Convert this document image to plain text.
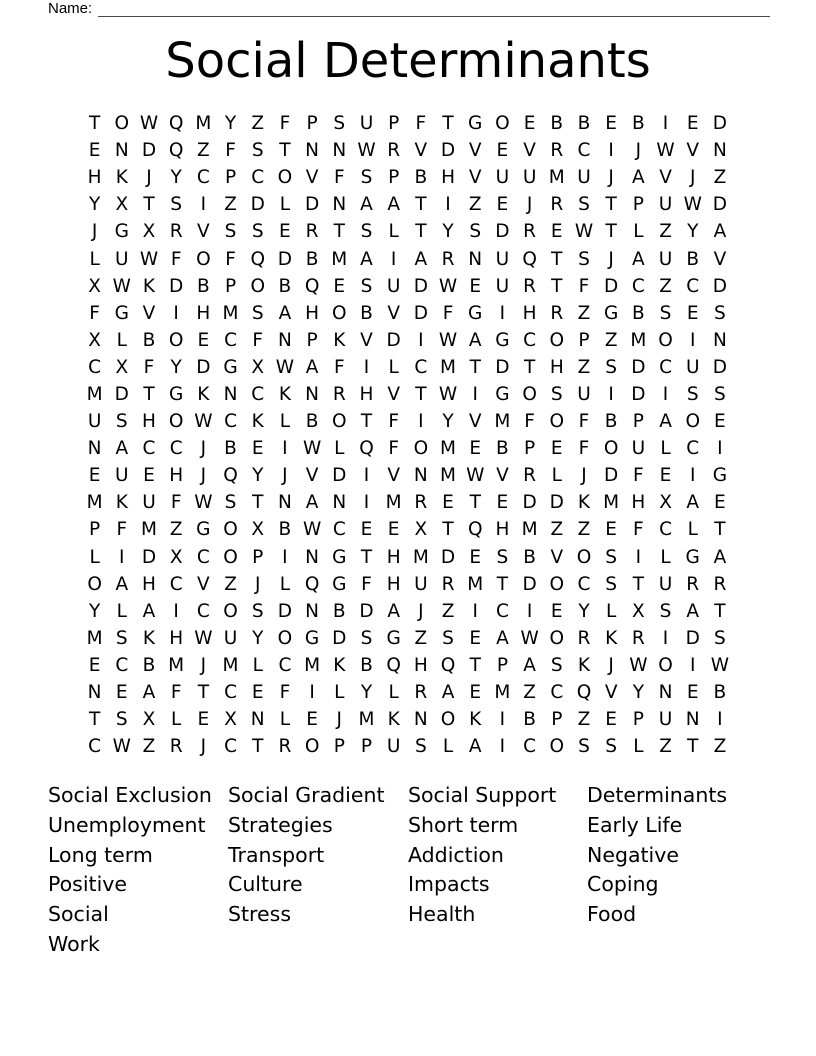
Name:
Social Determinants
T O W Q M Y Z F P S U P F T G O E B B E B I	E D
E N D Q Z F S T N N W R V D V E V R C I	J W V N
H K J	Y C P C O V F S P B H V U U M U J A V J Z
Y X T S	I Z D L D N A A T	I Z E	J R S T P U W D
J G X R V S S E R T S L T Y S D R E W T L Z Y A
L U W F O F Q D B M A I A R N U Q T S	J A U B V
X W K D B P O B Q E S U D W E U R T F D C Z C D
F G V I H M S A H O B V D F G I H R Z G B S E S
X L B O E C F N P K V D I W A G C O P Z M O I N
C X F Y D G X W A F	I	L C M T D T H Z S D C U D
M D T G K N C K N R H V T W I G O S U I D I	S S
U S H O W C K L B O T F	I	Y V M F O F B P A O E
N A C C J B E	I W L Q F O M E B P E F O U L C I
E U E H J Q Y	J V D I V N M W V R L	J D F E	I G
M K U F W S T N A N I M R E T E D D K M H X A E
P F M Z G O X B W C E E X T Q H M Z Z E F C L T
L	I D X C O P	I N G T H M D E S B V O S	I	L G A
O A H C V Z J	L Q G F H U R M T D O C S T U R R
Y L A I C O S D N B D A J Z I C I	E Y L X S A T
M S K H W U Y O G D S G Z S E A W O R K R I D S
E C B M J M L C M K B Q H Q T P A S K J W O I W
N E A F T C E F	I	L Y L R A E M Z C Q V Y N E B
T S X L E X N L E	J M K N O K I B P Z E P U N I
C W Z R J C T R O P P U S L A I C O S S L Z T Z
Social Exclusion
Unemployment
Long term
Positive
Social
Work
Social Gradient
Strategies
Transport
Culture
Stress
Social Support
Short term
Addiction
Impacts
Health
Determinants
Early Life
Negative
Coping
Food
